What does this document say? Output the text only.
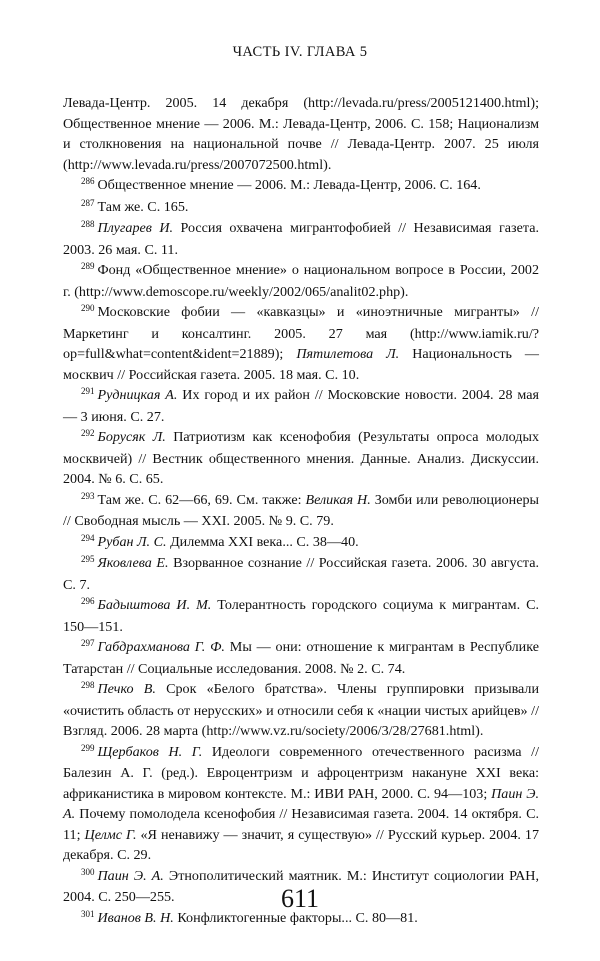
ЧАСТЬ IV. ГЛАВА 5

Левада-Центр. 2005. 14 декабря (http://levada.ru/press/2005121400.html); Общественное мнение — 2006. М.: Левада-Центр, 2006. С. 158; Национализм и столкновения на национальной почве // Левада-Центр. 2007. 25 июля (http://www.levada.ru/press/2007072500.html).

$^{286}$ Общественное мнение — 2006. М.: Левада-Центр, 2006. С. 164.

$^{287}$ Там же. С. 165.

$^{288}$ Плугарев И. Россия охвачена мигрантофобией // Независимая газета. 2003. 26 мая. С. 11.

$^{289}$ Фонд «Общественное мнение» о национальном вопросе в России, 2002 г. (http://www.demoscope.ru/weekly/2002/065/analit02.php).

$^{290}$ Московские фобии — «кавказцы» и «иноэтничные мигранты» // Маркетинг и консалтинг. 2005. 27 мая (http://www.iamik.ru/?op=full&what=content&ident=21889); Пятилетова Л. Национальность — москвич // Российская газета. 2005. 18 мая. С. 10.

$^{291}$ Рудницкая А. Их город и их район // Московские новости. 2004. 28 мая — 3 июня. С. 27.

$^{292}$ Борусяк Л. Патриотизм как ксенофобия (Результаты опроса молодых москвичей) // Вестник общественного мнения. Данные. Анализ. Дискуссии. 2004. № 6. С. 65.

$^{293}$ Там же. С. 62—66, 69. См. также: Великая Н. Зомби или революционеры // Свободная мысль — XXI. 2005. № 9. С. 79.

$^{294}$ Рубан Л. С. Дилемма XXI века... С. 38—40.

$^{295}$ Яковлева Е. Взорванное сознание // Российская газета. 2006. 30 августа. С. 7.

$^{296}$ Бадыштова И. М. Толерантность городского социума к мигрантам. С. 150—151.

$^{297}$ Габдрахманова Г. Ф. Мы — они: отношение к мигрантам в Республике Татарстан // Социальные исследования. 2008. № 2. С. 74.

$^{298}$ Печко В. Срок «Белого братства». Члены группировки призывали «очистить область от нерусских» и относили себя к «нации чистых арийцев» // Взгляд. 2006. 28 марта (http://www.vz.ru/society/2006/3/28/27681.html).

$^{299}$ Щербаков Н. Г. Идеологи современного отечественного расизма // Балезин А. Г. (ред.). Евроцентризм и афроцентризм накануне XXI века: африканистика в мировом контексте. М.: ИВИ РАН, 2000. С. 94—103; Паин Э. А. Почему помолодела ксенофобия // Независимая газета. 2004. 14 октября. С. 11; Целмс Г. «Я ненавижу — значит, я существую» // Русский курьер. 2004. 17 декабря. С. 29.

$^{300}$ Паин Э. А. Этнополитический маятник. М.: Институт социологии РАН, 2004. С. 250—255.

$^{301}$ Иванов В. Н. Конфликтогенные факторы... С. 80—81.

611
